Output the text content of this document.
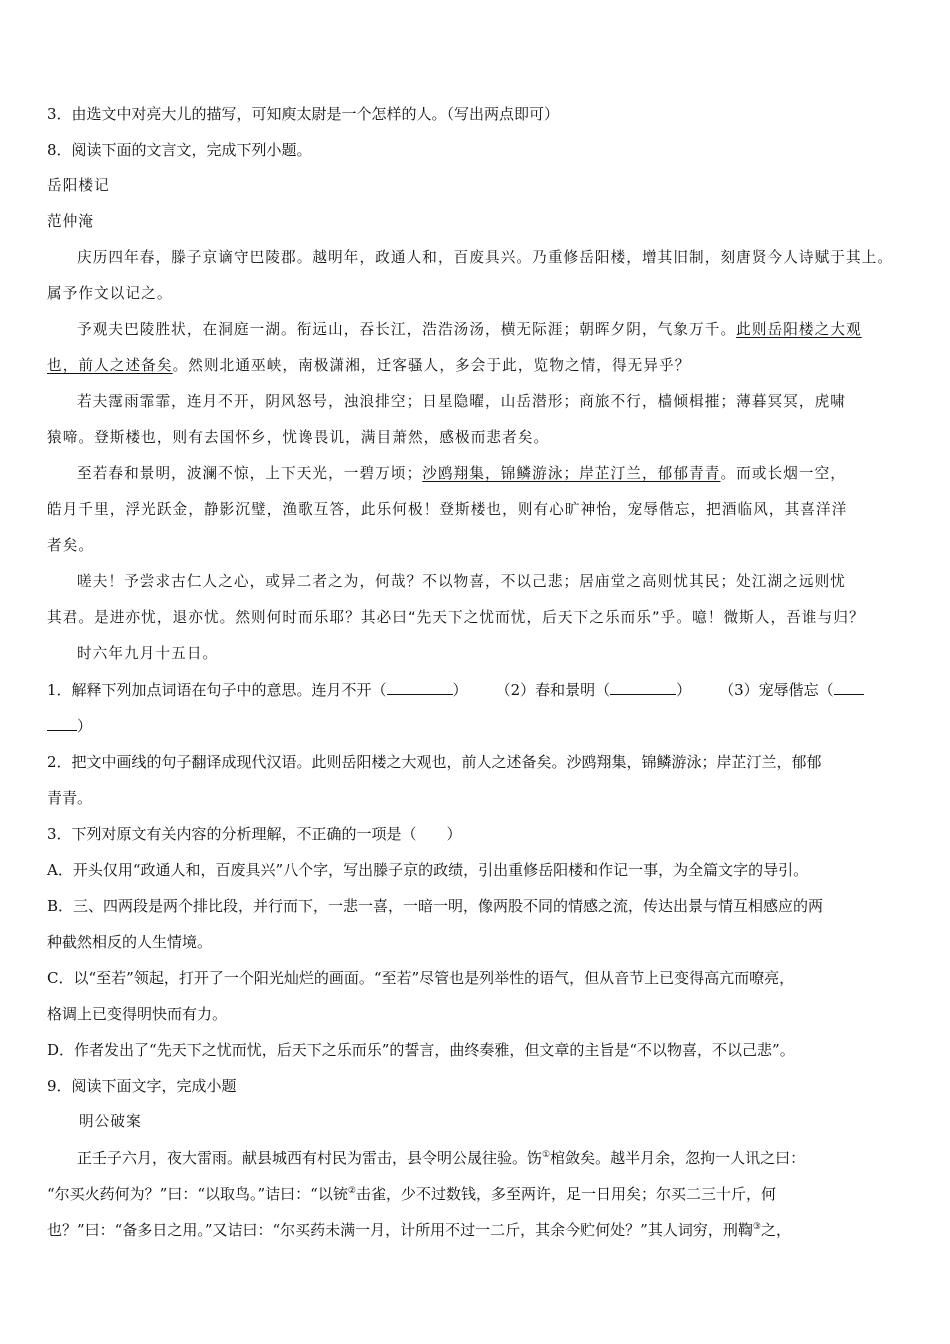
3．由选文中对亮大儿的描写，可知庾太尉是一个怎样的人。（写出两点即可）
8．阅读下面的文言文，完成下列小题。
岳阳楼记
范仲淹
庆历四年春，滕子京谪守巴陵郡。越明年，政通人和，百废具兴。乃重修岳阳楼，增其旧制，刻唐贤今人诗赋于其上。
属予作文以记之。
予观夫巴陵胜状，在洞庭一湖。衔远山，吞长江，浩浩汤汤，横无际涯；朝晖夕阴，气象万千。此则岳阳楼之大观
也，前人之述备矣。然则北通巫峡，南极潇湘，迁客骚人，多会于此，览物之情，得无异乎？
若夫霪雨霏霏，连月不开，阴风怒号，浊浪排空；日星隐曜，山岳潜形；商旅不行，樯倾楫摧；薄暮冥冥，虎啸
猿啼。登斯楼也，则有去国怀乡，忧谗畏讥，满目萧然，感极而悲者矣。
至若春和景明，波澜不惊，上下天光，一碧万顷；沙鸥翔集，锦鳞游泳；岸芷汀兰，郁郁青青。而或长烟一空，
皓月千里，浮光跃金，静影沉璧，渔歌互答，此乐何极！登斯楼也，则有心旷神怡，宠辱偕忘，把酒临风，其喜洋洋
者矣。
嗟夫！予尝求古仁人之心，或异二者之为，何哉？不以物喜，不以己悲；居庙堂之高则忧其民；处江湖之远则忧
其君。是进亦忧，退亦忧。然则何时而乐耶？其必曰“先天下之忧而忧，后天下之乐而乐”乎。噫！微斯人，吾谁与归？
时六年九月十五日。
1．解释下列加点词语在句子中的意思。连月不开（	） （2）春和景明（	） （3）宠辱偕忘（
）
2．把文中画线的句子翻译成现代汉语。此则岳阳楼之大观也，前人之述备矣。沙鸥翔集，锦鳞游泳；岸芷汀兰，郁郁
青青。
3．下列对原文有关内容的分析理解，不正确的一项是（　　）
A．开头仅用“政通人和，百废具兴”八个字，写出滕子京的政绩，引出重修岳阳楼和作记一事，为全篇文字的导引。
B．三、四两段是两个排比段，并行而下，一悲一喜，一暗一明，像两股不同的情感之流，传达出景与情互相感应的两
种截然相反的人生情境。
C．以“至若”领起，打开了一个阳光灿烂的画面。“至若”尽管也是列举性的语气，但从音节上已变得高亢而嘹亮，
格调上已变得明快而有力。
D．作者发出了“先天下之忧而忧，后天下之乐而乐”的誓言，曲终奏雅，但文章的主旨是“不以物喜，不以己悲”。
9．阅读下面文字，完成小题
明公破案
正壬子六月，夜大雷雨。献县城西有村民为雷击，县令明公晟往验。饬①棺敛矣。越半月余，忽拘一人讯之曰：
“尔买火药何为？”曰：“以取鸟。”诘曰：“以铳②击雀，少不过数钱，多至两许，足一日用矣；尔买二三十斤，何
也？”曰：“备多日之用。”又诘曰：“尔买药未满一月，计所用不过一二斤，其余今贮何处？”其人词穷，刑鞫③之，
